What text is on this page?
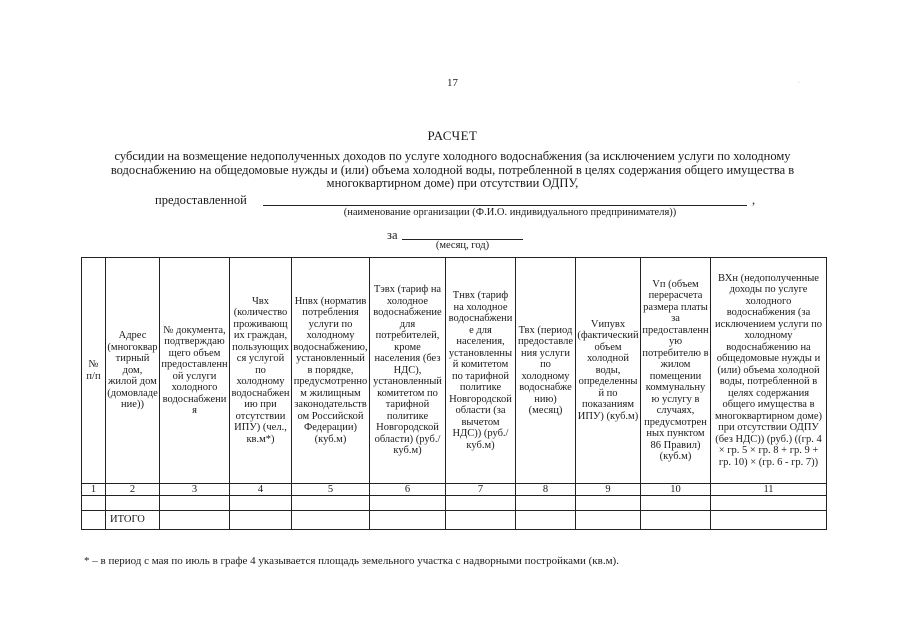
17	·
РАСЧЕТ
субсидии на возмещение недополученных доходов по услуге холодного водоснабжения (за исключением услуги по холодному водоснабжению на общедомовые нужды и (или) объема холодной воды, потребленной в целях содержания общего имущества в многоквартирном доме) при отсутствии ОДПУ,
предоставленной	,
(наименование организации (Ф.И.О. индивидуального предпринимателя))
за
(месяц, год)
№ п/п	Адрес (многоквартирный дом, жилой дом (домовладение))	№ документа, подтверждающего объем предоставленной услуги холодного водоснабжения	Чвх (количество проживающих граждан, пользующихся услугой по холодному водоснабжению при отсутствии ИПУ) (чел., кв.м*)	Нпвх (норматив потребления услуги по холодному водоснабжению, установленный в порядке, предусмотренном жилищным законодательством Российской Федерации) (куб.м)	Тэвх (тариф на холодное водоснабжение для потребителей, кроме населения (без НДС), установленный комитетом по тарифной политике Новгородской области) (руб./куб.м)	Тнвх (тариф на холодное водоснабжение для населения, установленный комитетом по тарифной политике Новгородской области (за вычетом НДС)) (руб./куб.м)	Твх (период предоставления услуги по холодному водоснабжению) (месяц)	Vипувх (фактический объем холодной воды, определенный по показаниям ИПУ) (куб.м)	Vп (объем перерасчета размера платы за предоставленную потребителю в жилом помещении коммунальную услугу в случаях, предусмотренных пунктом 86 Правил) (куб.м)	ВХн (недополученные доходы по услуге холодного водоснабжения (за исключением услуги по холодному водоснабжению на общедомовые нужды и (или) объема холодной воды, потребленной в целях содержания общего имущества в многоквартирном доме) при отсутствии ОДПУ (без НДС)) (руб.) ((гр. 4 × гр. 5 × гр. 8 + гр. 9 + гр. 10) × (гр. 6 - гр. 7))
1	2	3	4	5	6	7	8	9	10	11

	ИТОГО									
* – в период с мая по июль в графе 4 указывается площадь земельного участка с надворными постройками (кв.м).
